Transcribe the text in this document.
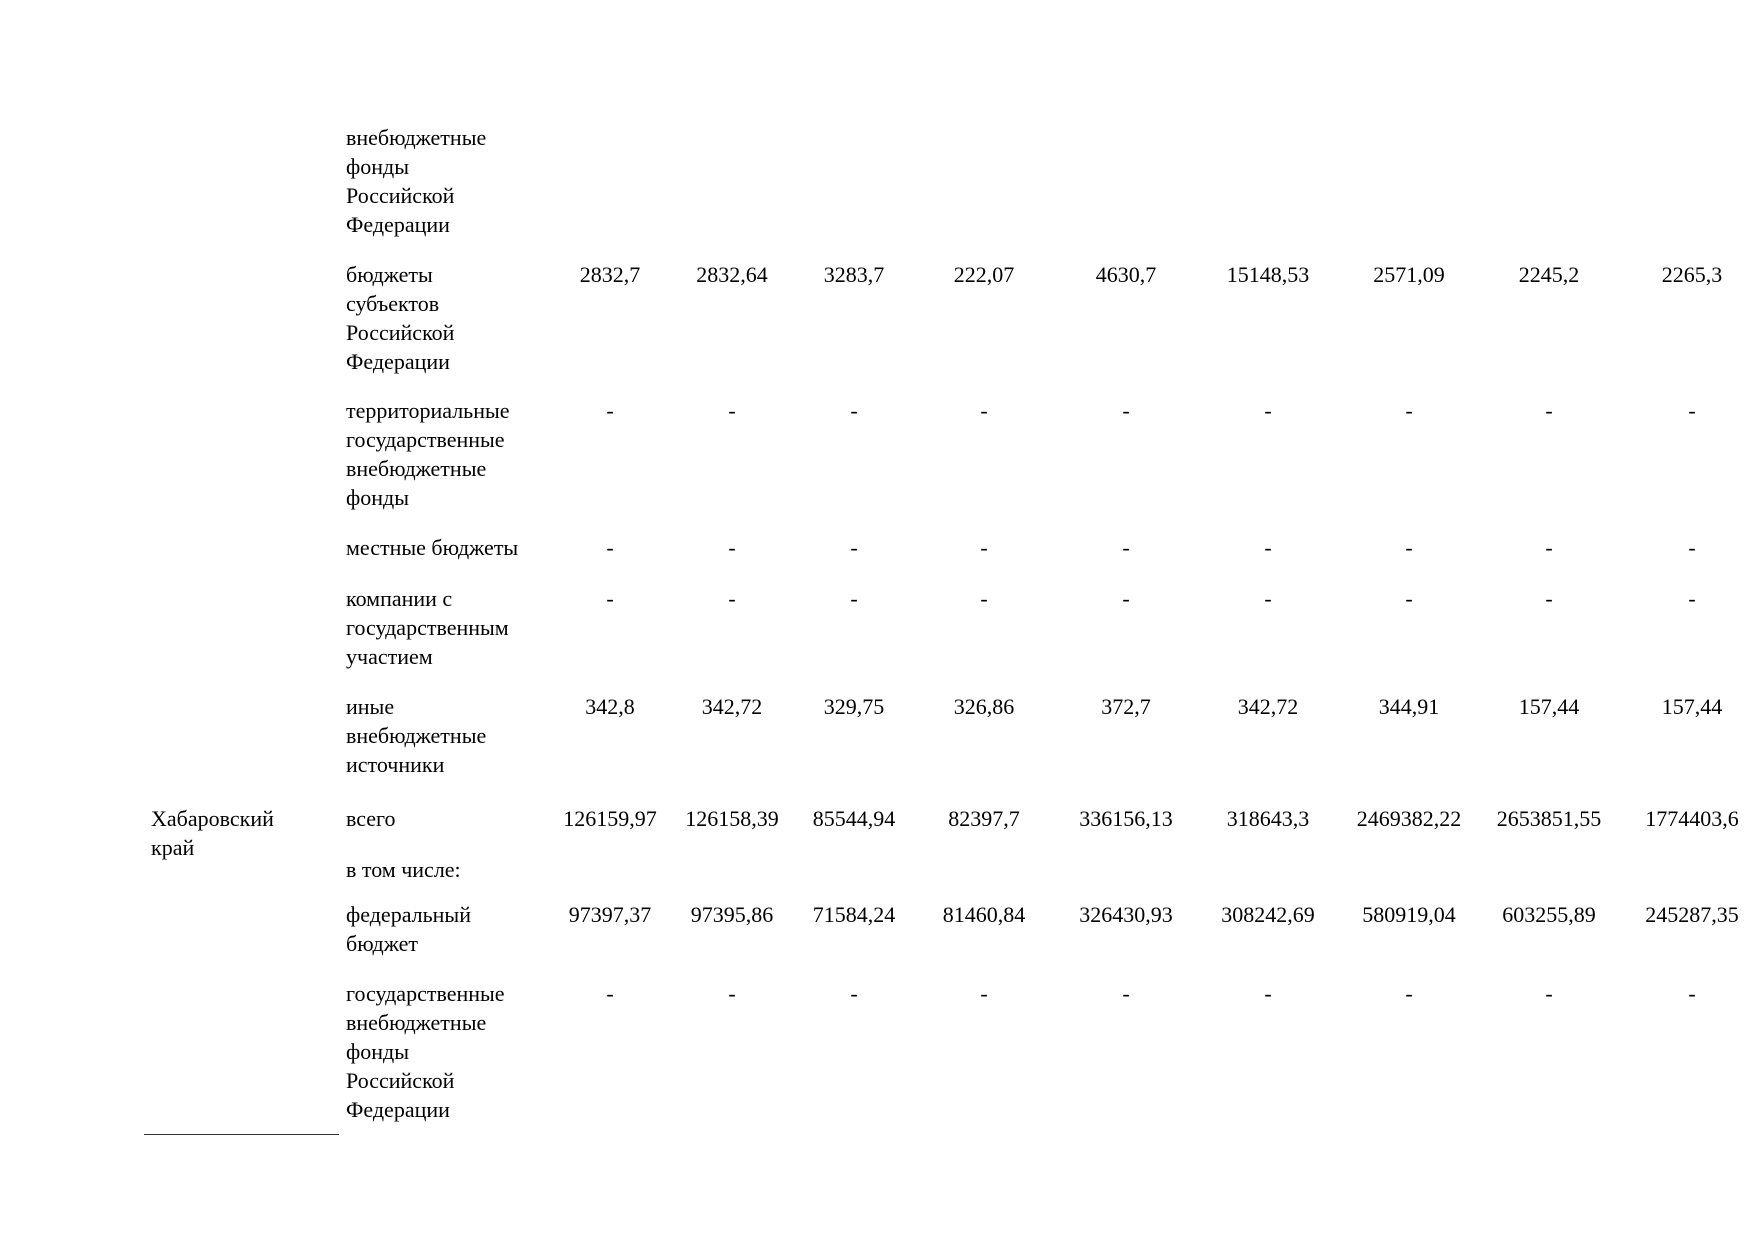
внебюджетные
фонды
Российской
Федерации
бюджеты
субъектов
Российской
Федерации
2832,7	2832,64	3283,7	222,07	4630,7	15148,53	2571,09	2245,2	2265,3
территориальные
государственные
внебюджетные
фонды
-	-	-	-	-	-	-	-	-
местные бюджеты	-	-	-	-	-	-	-	-	-
компании с
государственным
участием
-	-	-	-	-	-	-	-	-
иные
внебюджетные
источники
342,8	342,72	329,75	326,86	372,7	342,72	344,91	157,44	157,44
Хабаровский
край
всего	126159,97	126158,39	85544,94	82397,7	336156,13	318643,3	2469382,22	2653851,55	1774403,6
в том числе:
федеральный
бюджет
97397,37	97395,86	71584,24	81460,84	326430,93	308242,69	580919,04	603255,89	245287,35
государственные
внебюджетные
фонды
Российской
Федерации
-	-	-	-	-	-	-	-	-
